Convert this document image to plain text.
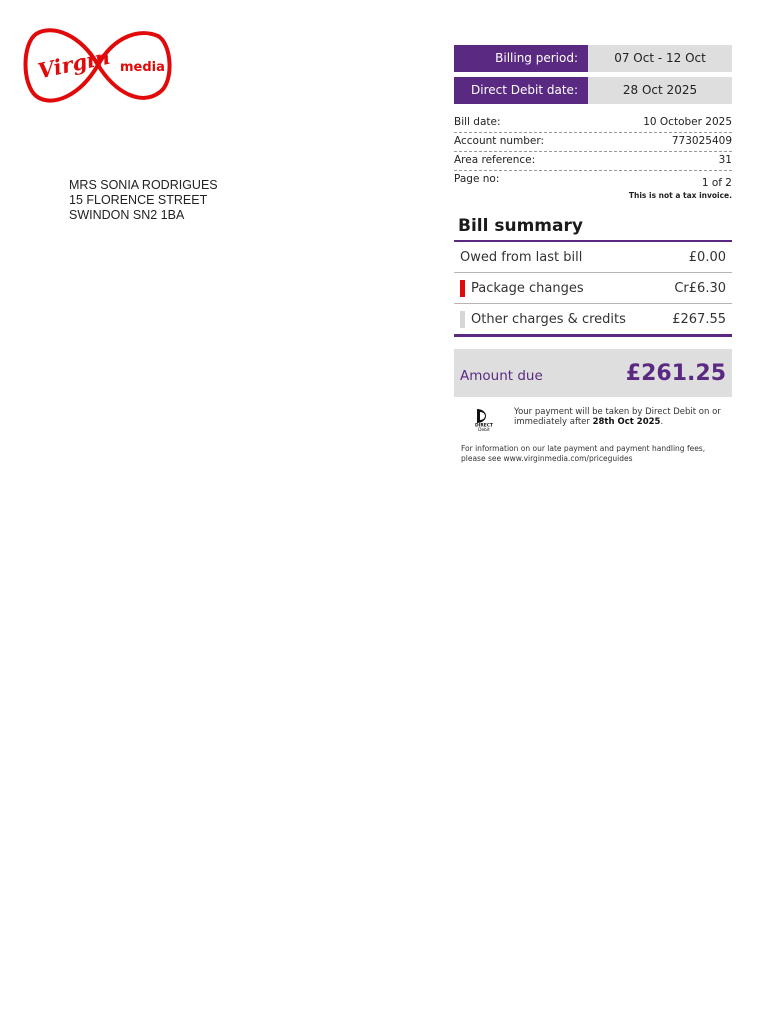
Virgin media
MRS SONIA RODRIGUES
15 FLORENCE STREET
SWINDON SN2 1BA
Billing period:	07 Oct - 12 Oct
Direct Debit date:	28 Oct 2025
Bill date:	10 October 2025
Account number:	773025409
Area reference:	31
Page no:	1 of 2
This is not a tax invoice.
Bill summary
Owed from last bill	£0.00
Package changes	Cr£6.30
Other charges & credits	£267.55
Amount due	£261.25
DIRECT
Debit
Your payment will be taken by Direct Debit on or immediately after 28th Oct 2025.
For information on our late payment and payment handling fees,
please see www.virginmedia.com/priceguides
